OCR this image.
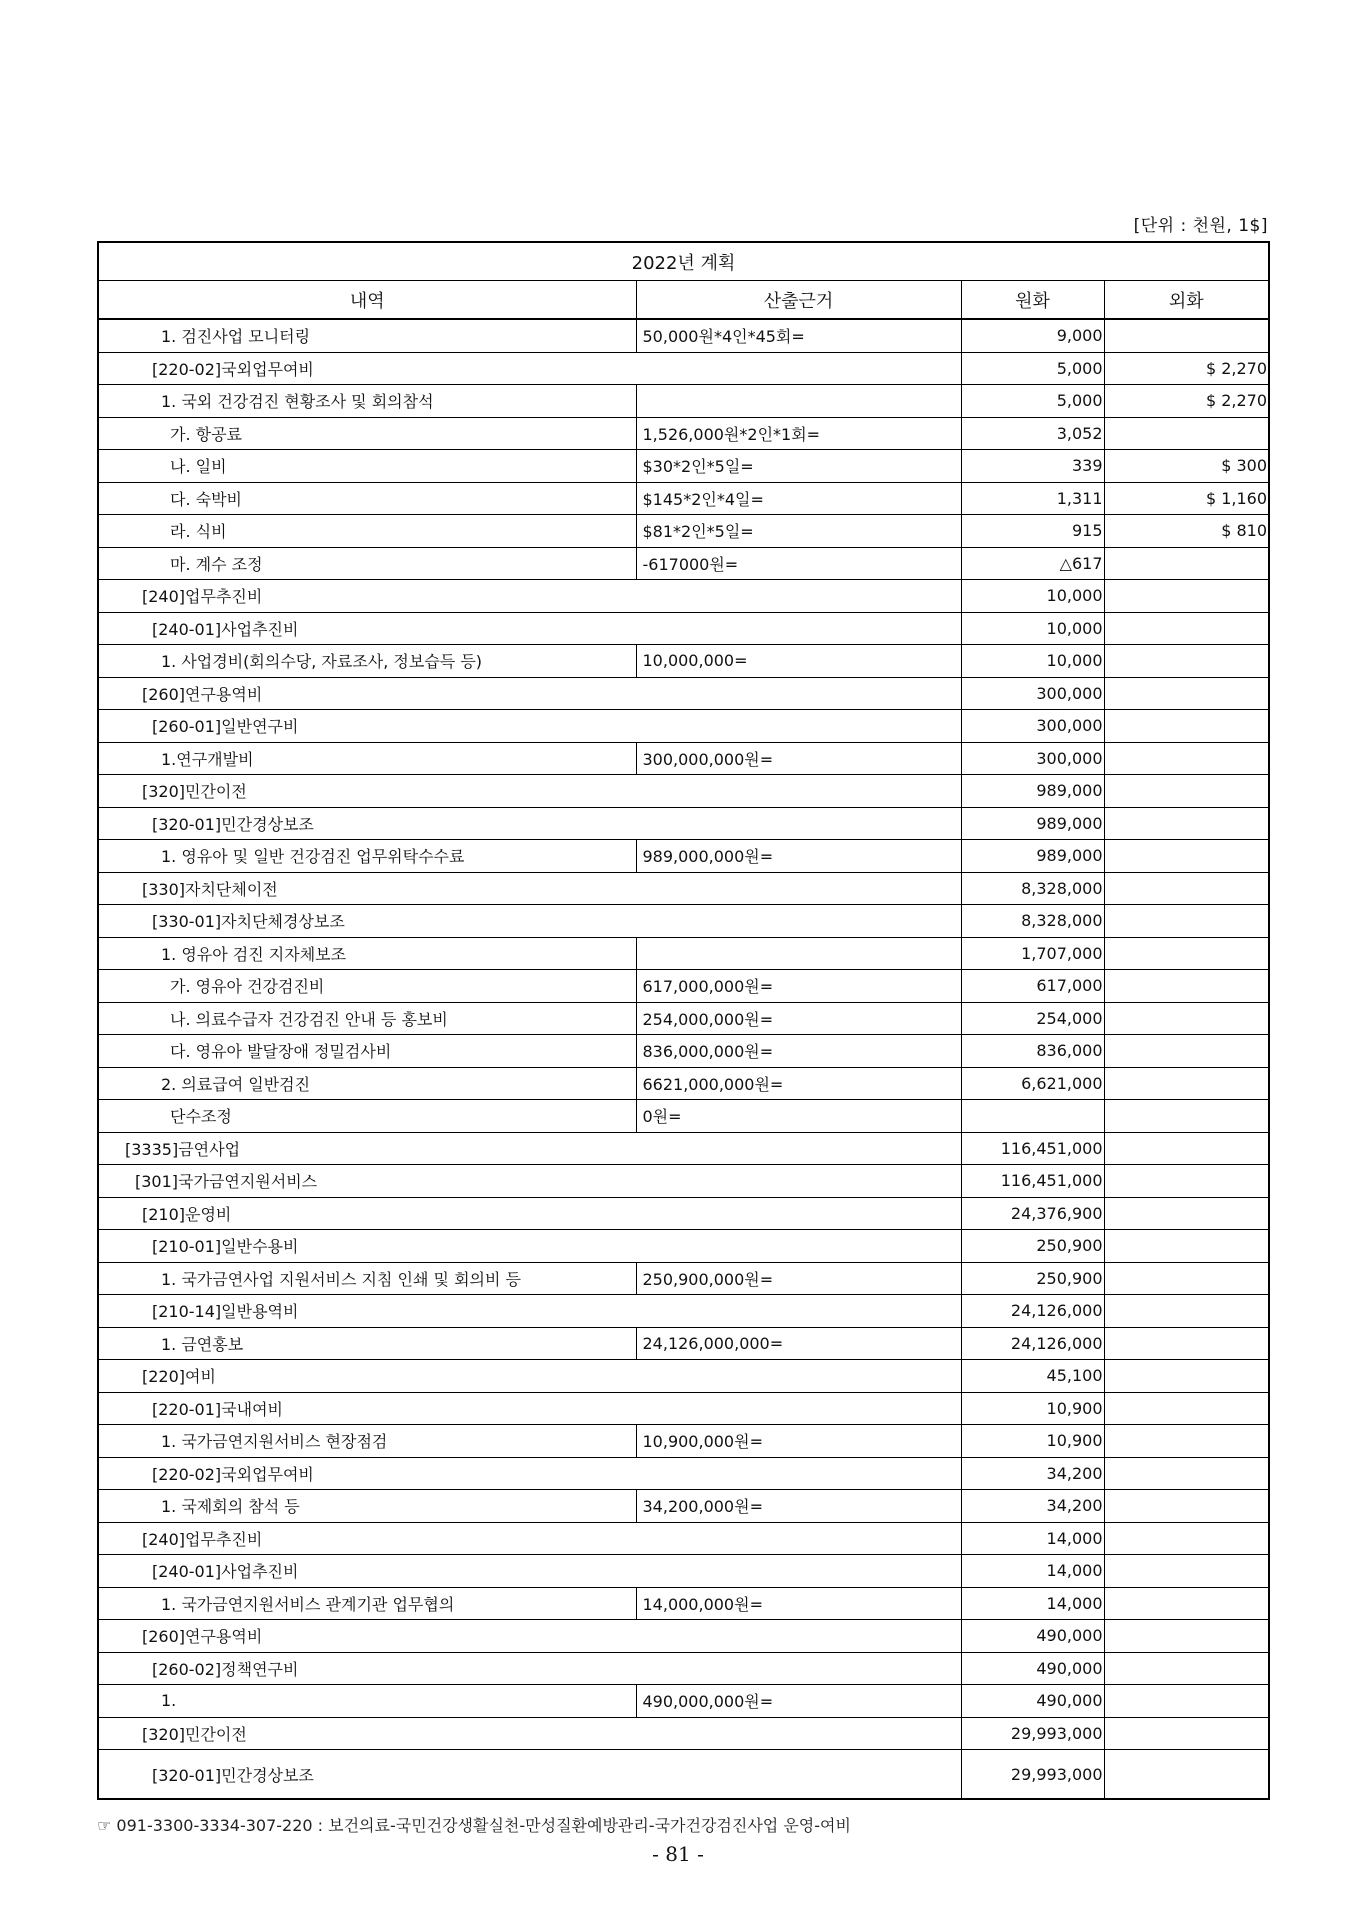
[단위 : 천원, 1$]
2022년 계획			
내역	산출근거	원화	외화
1. 검진사업 모니터링	50,000원*4인*45회=	9,000	
[220-02]국외업무여비		5,000	$ 2,270
1. 국외 건강검진 현황조사 및 회의참석		5,000	$ 2,270
가. 항공료	1,526,000원*2인*1회=	3,052	
나. 일비	$30*2인*5일=	339	$ 300
다. 숙박비	$145*2인*4일=	1,311	$ 1,160
라. 식비	$81*2인*5일=	915	$ 810
마. 계수 조정	-617000원=	△617	
[240]업무추진비		10,000	
[240-01]사업추진비		10,000	
1. 사업경비(회의수당, 자료조사, 정보습득 등)	10,000,000=	10,000	
[260]연구용역비		300,000	
[260-01]일반연구비		300,000	
1.연구개발비	300,000,000원=	300,000	
[320]민간이전		989,000	
[320-01]민간경상보조		989,000	
1. 영유아 및 일반 건강검진 업무위탁수수료	989,000,000원=	989,000	
[330]자치단체이전		8,328,000	
[330-01]자치단체경상보조		8,328,000	
1. 영유아 검진 지자체보조		1,707,000	
가. 영유아 건강검진비	617,000,000원=	617,000	
나. 의료수급자 건강검진 안내 등 홍보비	254,000,000원=	254,000	
다. 영유아 발달장애 정밀검사비	836,000,000원=	836,000	
2. 의료급여 일반검진	6621,000,000원=	6,621,000	
단수조정	0원=		
[3335]금연사업		116,451,000	
[301]국가금연지원서비스		116,451,000	
[210]운영비		24,376,900	
[210-01]일반수용비		250,900	
1. 국가금연사업 지원서비스 지침 인쇄 및 회의비 등	250,900,000원=	250,900	
[210-14]일반용역비		24,126,000	
1. 금연홍보	24,126,000,000=	24,126,000	
[220]여비		45,100	
[220-01]국내여비		10,900	
1. 국가금연지원서비스 현장점검	10,900,000원=	10,900	
[220-02]국외업무여비		34,200	
1. 국제회의 참석 등	34,200,000원=	34,200	
[240]업무추진비		14,000	
[240-01]사업추진비		14,000	
1. 국가금연지원서비스 관계기관 업무협의	14,000,000원=	14,000	
[260]연구용역비		490,000	
[260-02]정책연구비		490,000	
1.	490,000,000원=	490,000	
[320]민간이전		29,993,000	
[320-01]민간경상보조		29,993,000	
☞ 091-3300-3334-307-220 : 보건의료-국민건강생활실천-만성질환예방관리-국가건강검진사업 운영-여비
- 81 -
